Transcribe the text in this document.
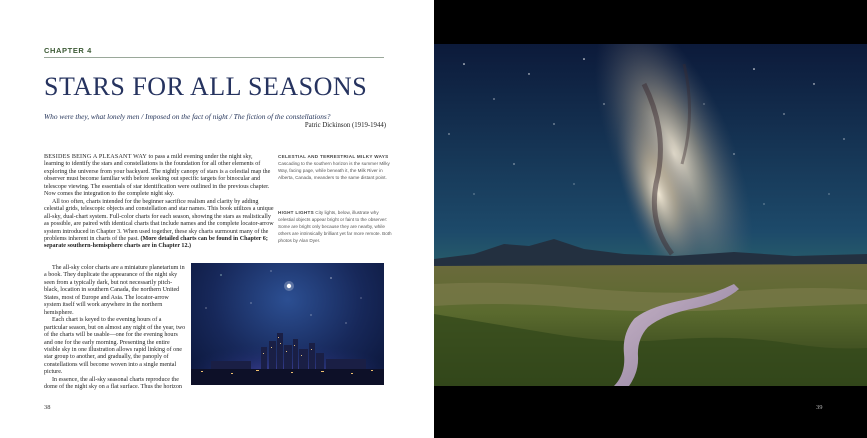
CHAPTER 4
STARS FOR ALL SEASONS
Who were they, what lonely men / Imposed on the fact of night / The fiction of the constellations?
Patric Dickinson (1919-1944)

BESIDES BEING A PLEASANT WAY to pass a mild evening under the night sky, learning to identify the stars and constellations is the foundation for all other elements of exploring the universe from your backyard. The nightly canopy of stars is a celestial map the observer must become familiar with before seeking out specific targets for binocular and telescope viewing. The essentials of star identification were outlined in the previous chapter. Now comes the integration to the complete night sky.

All too often, charts intended for the beginner sacrifice realism and clarity by adding celestial grids, telescopic objects and constellation and star names. This book utilizes a unique all-sky, dual-chart system. Full-color charts for each season, showing the stars as realistically as possible, are paired with identical charts that include names and the complete locator-arrow system introduced in Chapter 3. When used together, these sky charts surmount many of the problems inherent in charts of the past. (More detailed charts can be found in Chapter 6; separate southern-hemisphere charts are in Chapter 12.)

The all-sky color charts are a miniature planetarium in a book. They duplicate the appearance of the night sky seen from a typically dark, but not necessarily pitch-black, location in southern Canada, the northern United States, most of Europe and Asia. The locator-arrow system itself will work anywhere in the northern hemisphere.

Each chart is keyed to the evening hours of a particular season, but on almost any night of the year, two of the charts will be usable—one for the evening hours and one for the early morning. Presenting the entire visible sky in one illustration allows rapid linking of one star group to another, and gradually, the panoply of constellations will become woven into a single mental picture.

In essence, the all-sky seasonal charts reproduce the dome of the night sky on a flat surface. Thus the horizon

CELESTIAL AND TERRESTRIAL MILKY WAYS Cascading to the southern horizon is the summer Milky Way, facing page, while beneath it, the Milk River in Alberta, Canada, meanders to the same distant point.
HIGHT LIGHTS City lights, below, illustrate why celestial objects appear bright or faint to the observer: Some are bright only because they are nearby, while others are intrinsically brilliant yet far more remote. Both photos by Alan Dyer.
38	39
